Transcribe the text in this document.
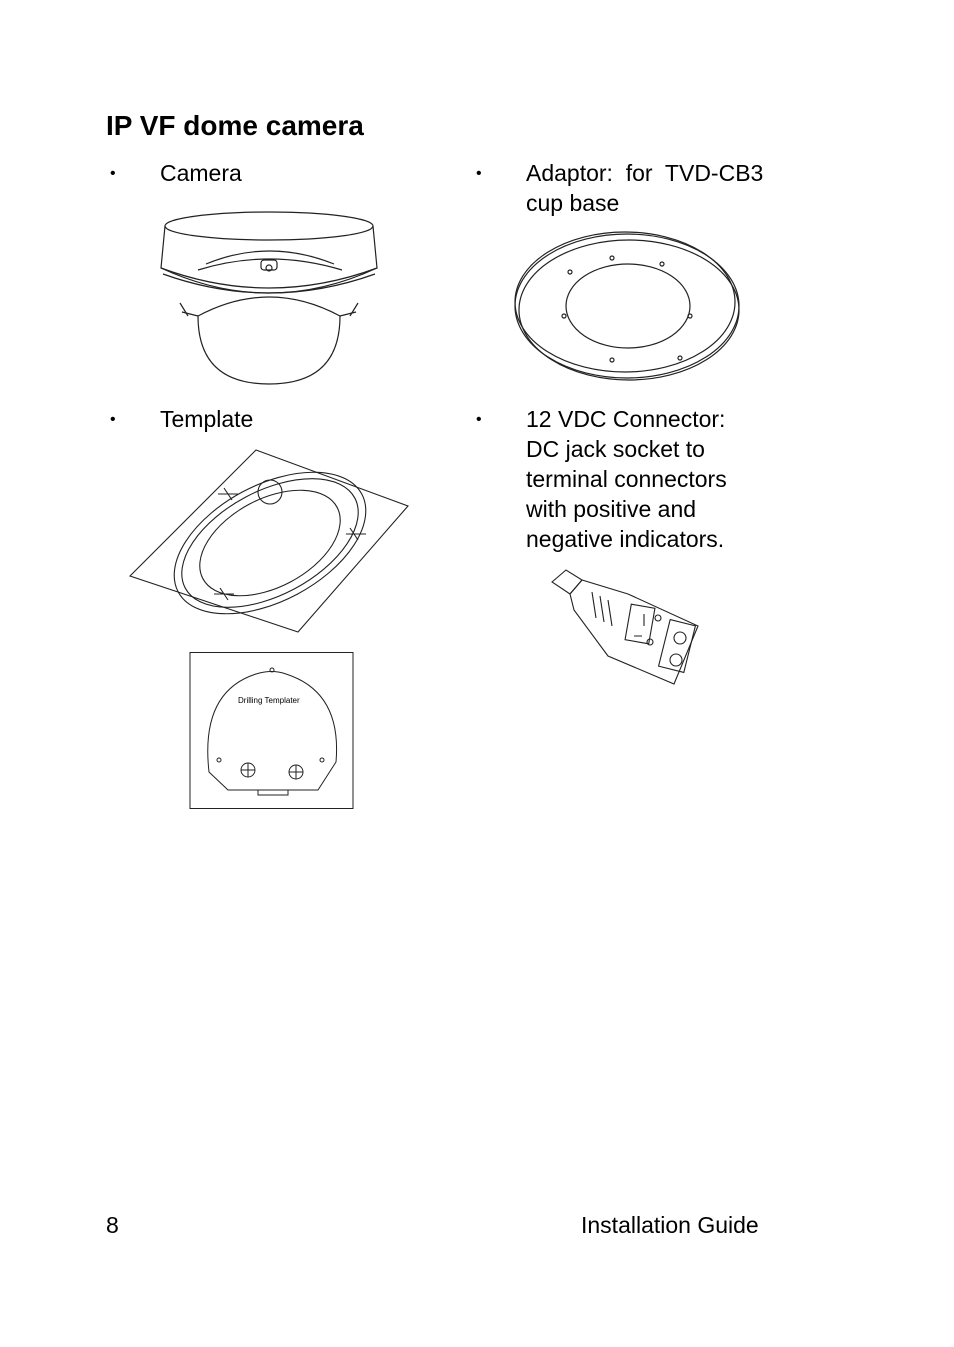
IP VF dome camera
• Camera	• Adaptor:  for  TVD-CB3
cup base
• Template
Drilling Templater
• 12 VDC Connector:
DC jack socket to
terminal connectors
with positive and
negative indicators.
8	Installation Guide
